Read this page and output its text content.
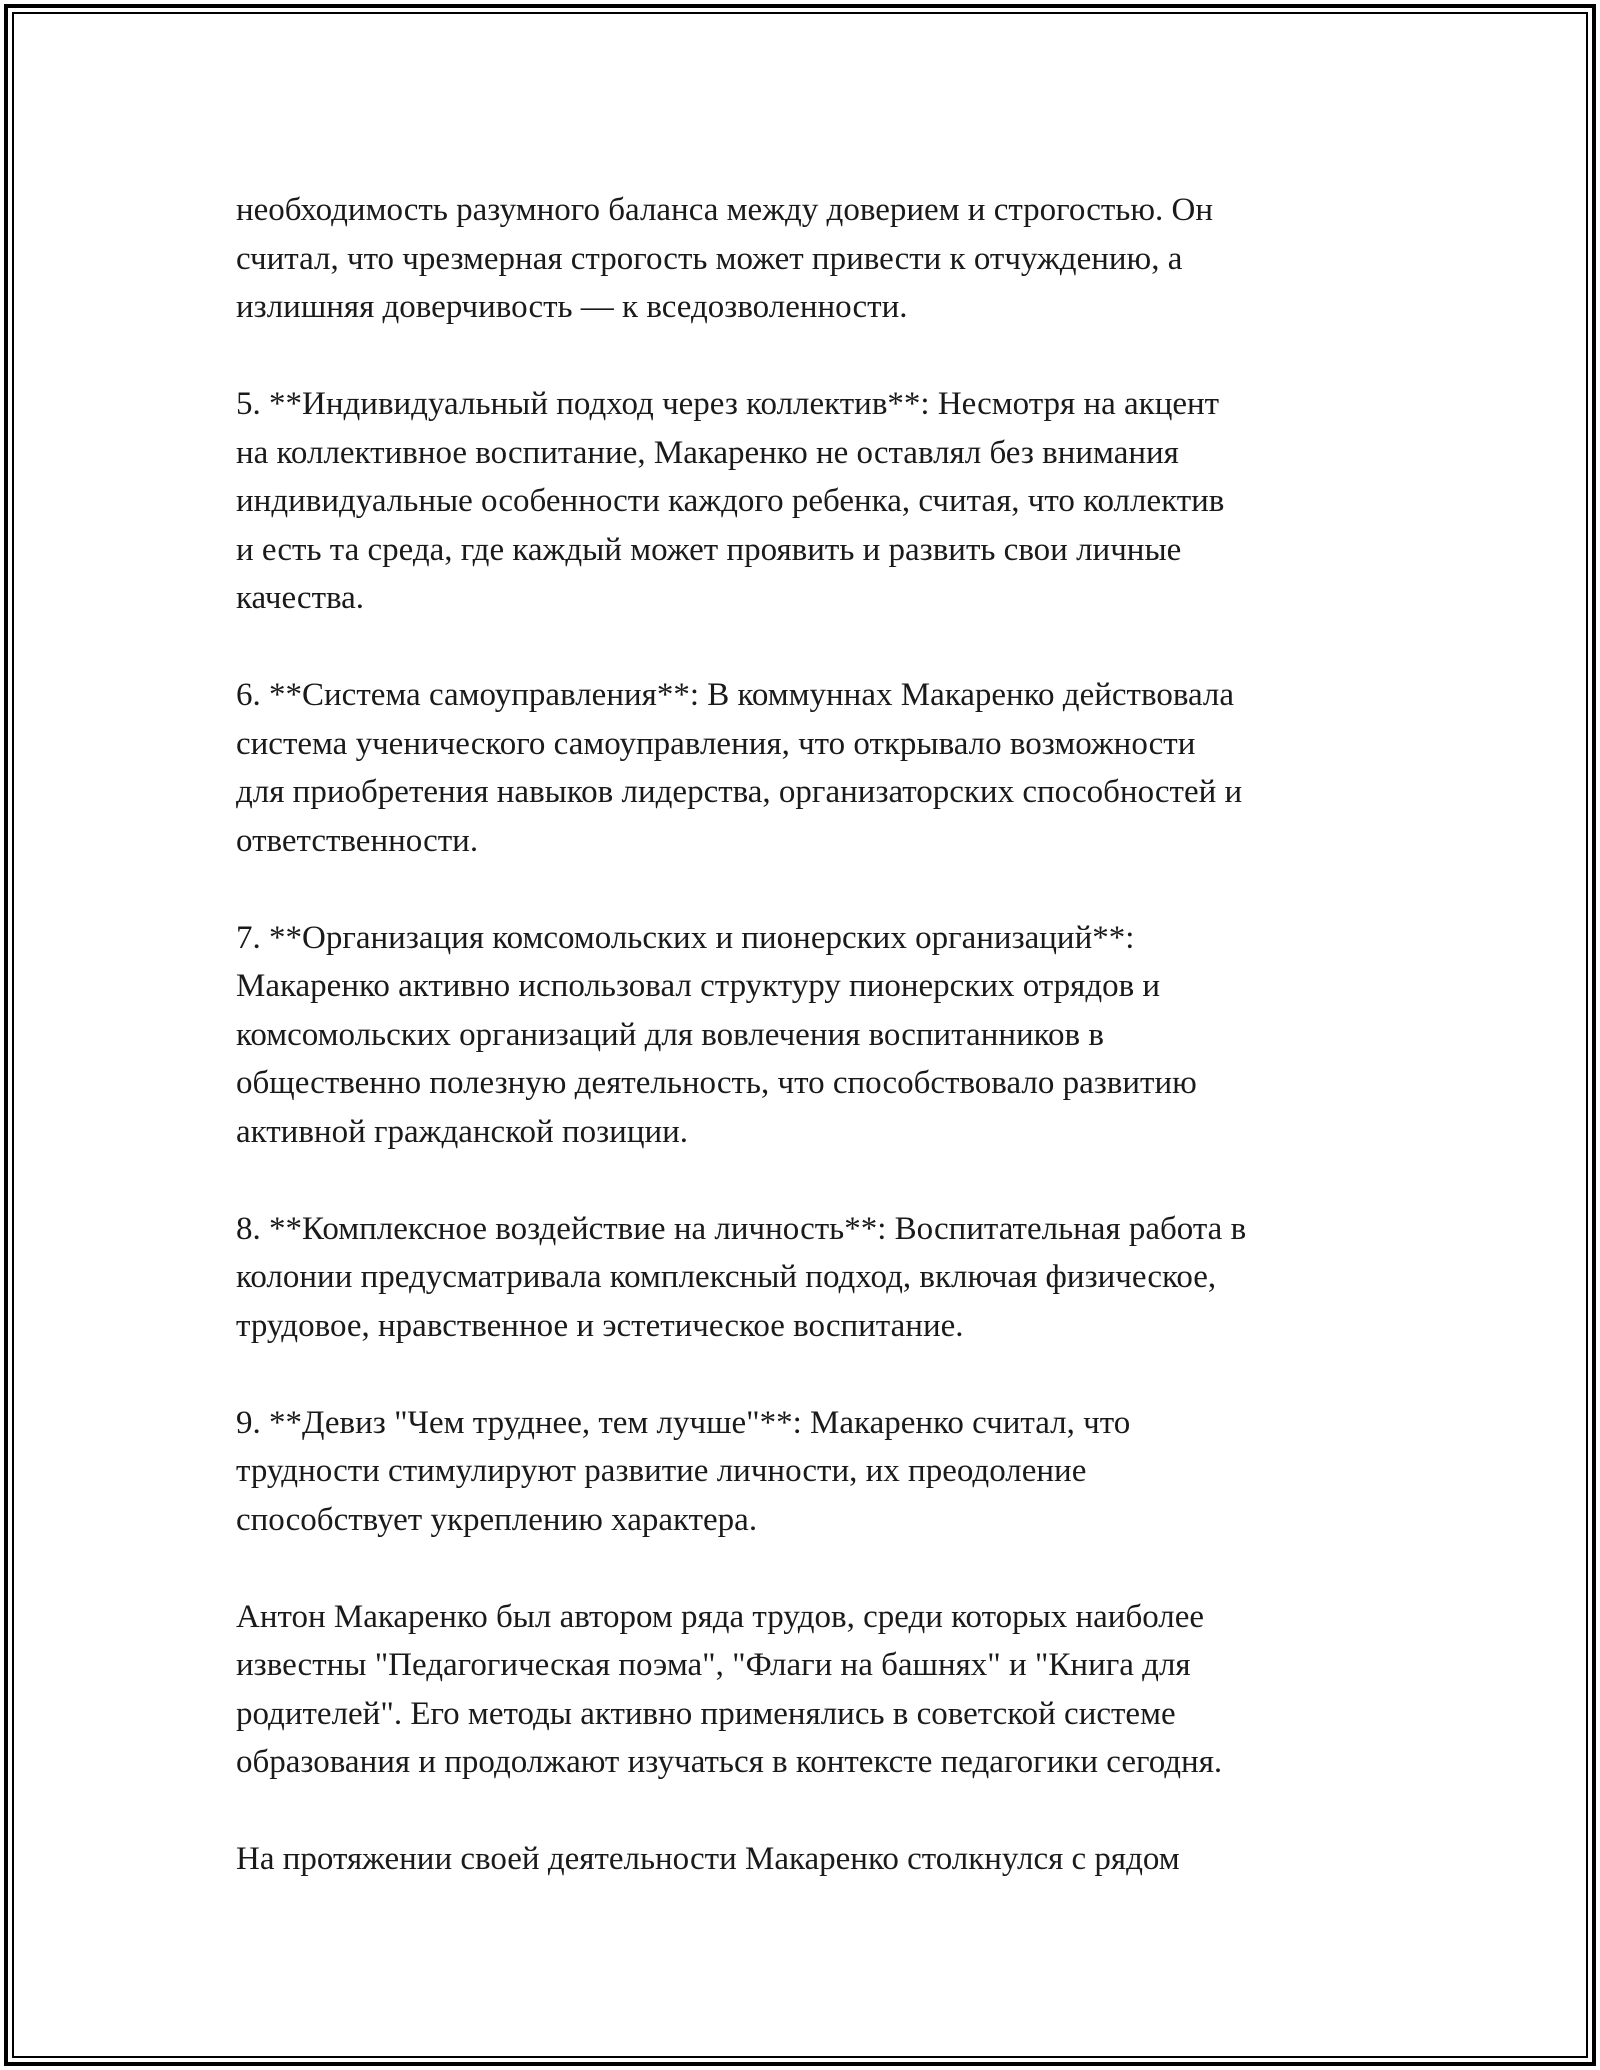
необходимость разумного баланса между доверием и строгостью. Он
считал, что чрезмерная строгость может привести к отчуждению, а
излишняя доверчивость — к вседозволенности.

5. **Индивидуальный подход через коллектив**: Несмотря на акцент
на коллективное воспитание, Макаренко не оставлял без внимания
индивидуальные особенности каждого ребенка, считая, что коллектив
и есть та среда, где каждый может проявить и развить свои личные
качества.

6. **Система самоуправления**: В коммуннах Макаренко действовала
система ученического самоуправления, что открывало возможности
для приобретения навыков лидерства, организаторских способностей и
ответственности.

7. **Организация комсомольских и пионерских организаций**:
Макаренко активно использовал структуру пионерских отрядов и
комсомольских организаций для вовлечения воспитанников в
общественно полезную деятельность, что способствовало развитию
активной гражданской позиции.

8. **Комплексное воздействие на личность**: Воспитательная работа в
колонии предусматривала комплексный подход, включая физическое,
трудовое, нравственное и эстетическое воспитание.

9. **Девиз "Чем труднее, тем лучше"**: Макаренко считал, что
трудности стимулируют развитие личности, их преодоление
способствует укреплению характера.

Антон Макаренко был автором ряда трудов, среди которых наиболее
известны "Педагогическая поэма", "Флаги на башнях" и "Книга для
родителей". Его методы активно применялись в советской системе
образования и продолжают изучаться в контексте педагогики сегодня.

На протяжении своей деятельности Макаренко столкнулся с рядом
